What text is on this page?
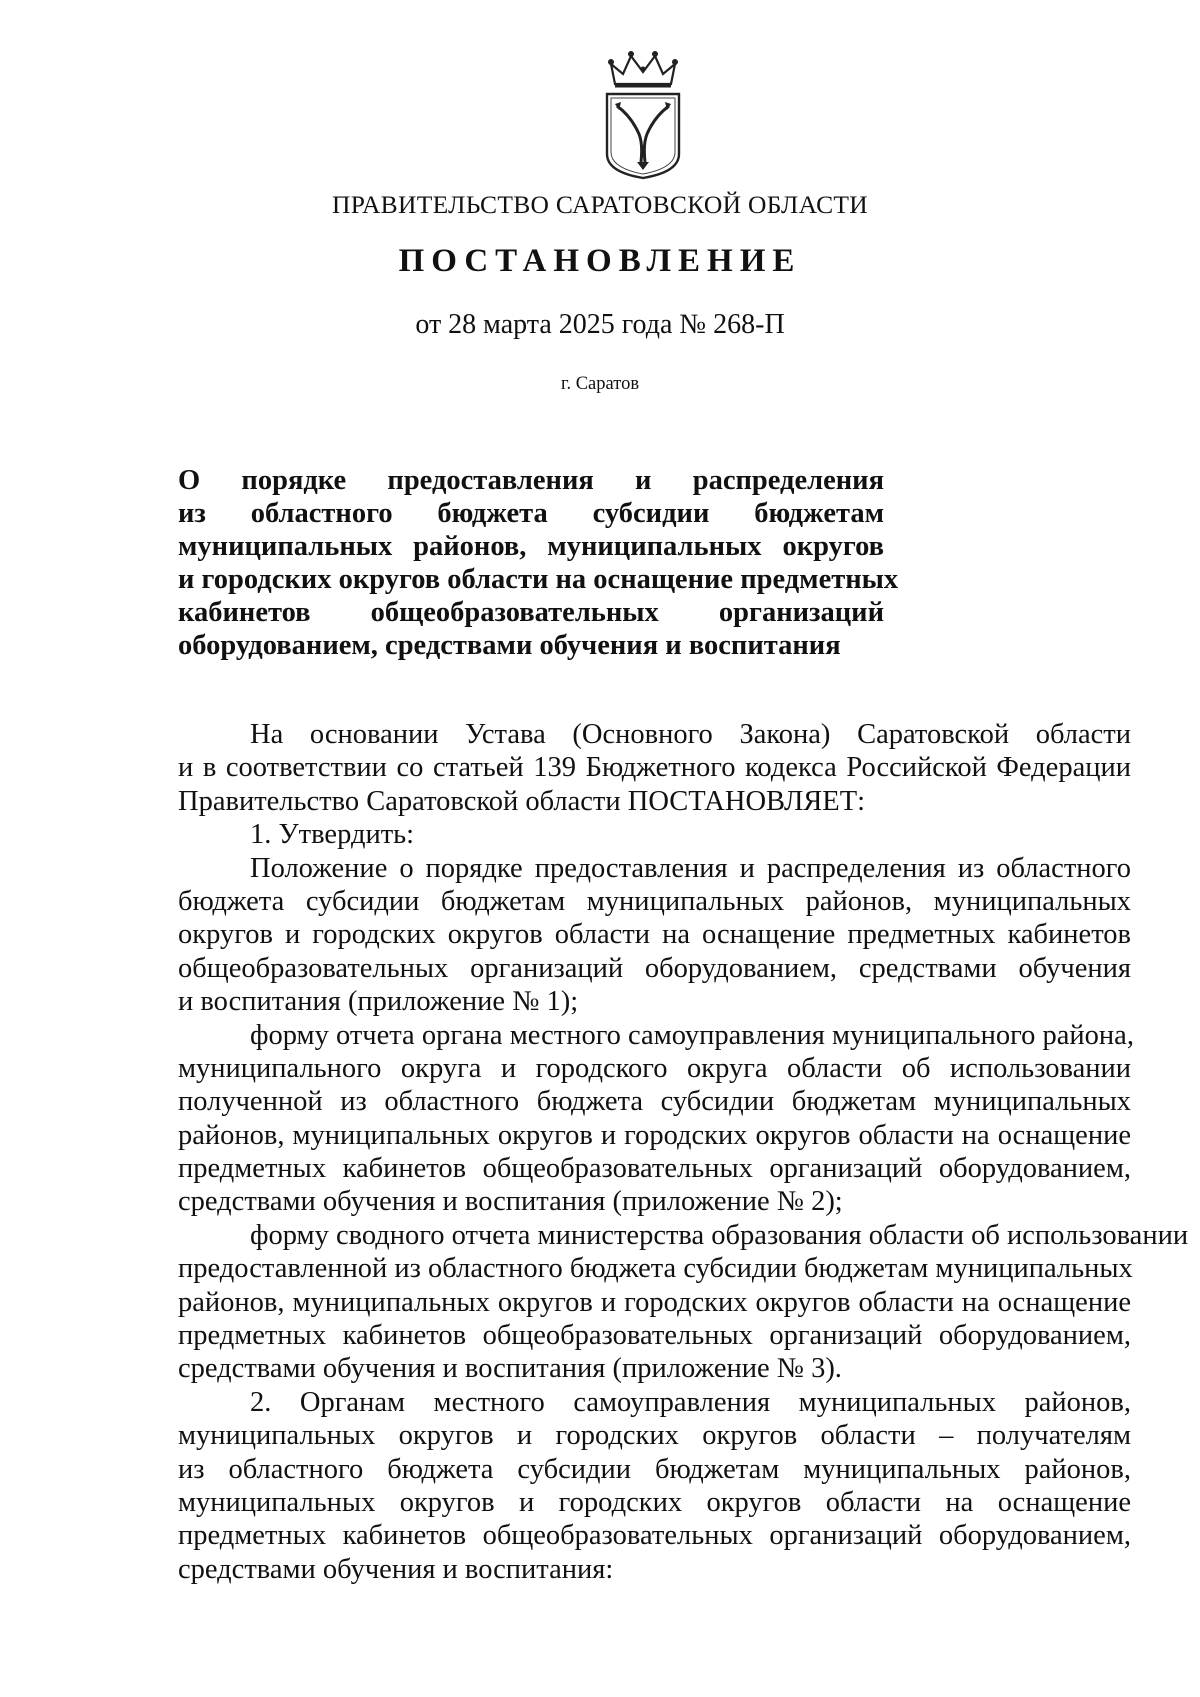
ПРАВИТЕЛЬСТВО САРАТОВСКОЙ ОБЛАСТИ
ПОСТАНОВЛЕНИЕ
от 28 марта 2025 года № 268-П
г. Саратов
О порядке предоставления и распределения
из областного бюджета субсидии бюджетам
муниципальных районов, муниципальных округов
и городских округов области на оснащение предметных
кабинетов общеобразовательных организаций
оборудованием, средствами обучения и воспитания
На основании Устава (Основного Закона) Саратовской области
и в соответствии со статьей 139 Бюджетного кодекса Российской Федерации
Правительство Саратовской области ПОСТАНОВЛЯЕТ:
1. Утвердить:
Положение о порядке предоставления и распределения из областного
бюджета субсидии бюджетам муниципальных районов, муниципальных
округов и городских округов области на оснащение предметных кабинетов
общеобразовательных организаций оборудованием, средствами обучения
и воспитания (приложение № 1);
форму отчета органа местного самоуправления муниципального района,
муниципального округа и городского округа области об использовании
полученной из областного бюджета субсидии бюджетам муниципальных
районов, муниципальных округов и городских округов области на оснащение
предметных кабинетов общеобразовательных организаций оборудованием,
средствами обучения и воспитания (приложение № 2);
форму сводного отчета министерства образования области об использовании
предоставленной из областного бюджета субсидии бюджетам муниципальных
районов, муниципальных округов и городских округов области на оснащение
предметных кабинетов общеобразовательных организаций оборудованием,
средствами обучения и воспитания (приложение № 3).
2. Органам местного самоуправления муниципальных районов,
муниципальных округов и городских округов области – получателям
из областного бюджета субсидии бюджетам муниципальных районов,
муниципальных округов и городских округов области на оснащение
предметных кабинетов общеобразовательных организаций оборудованием,
средствами обучения и воспитания:
